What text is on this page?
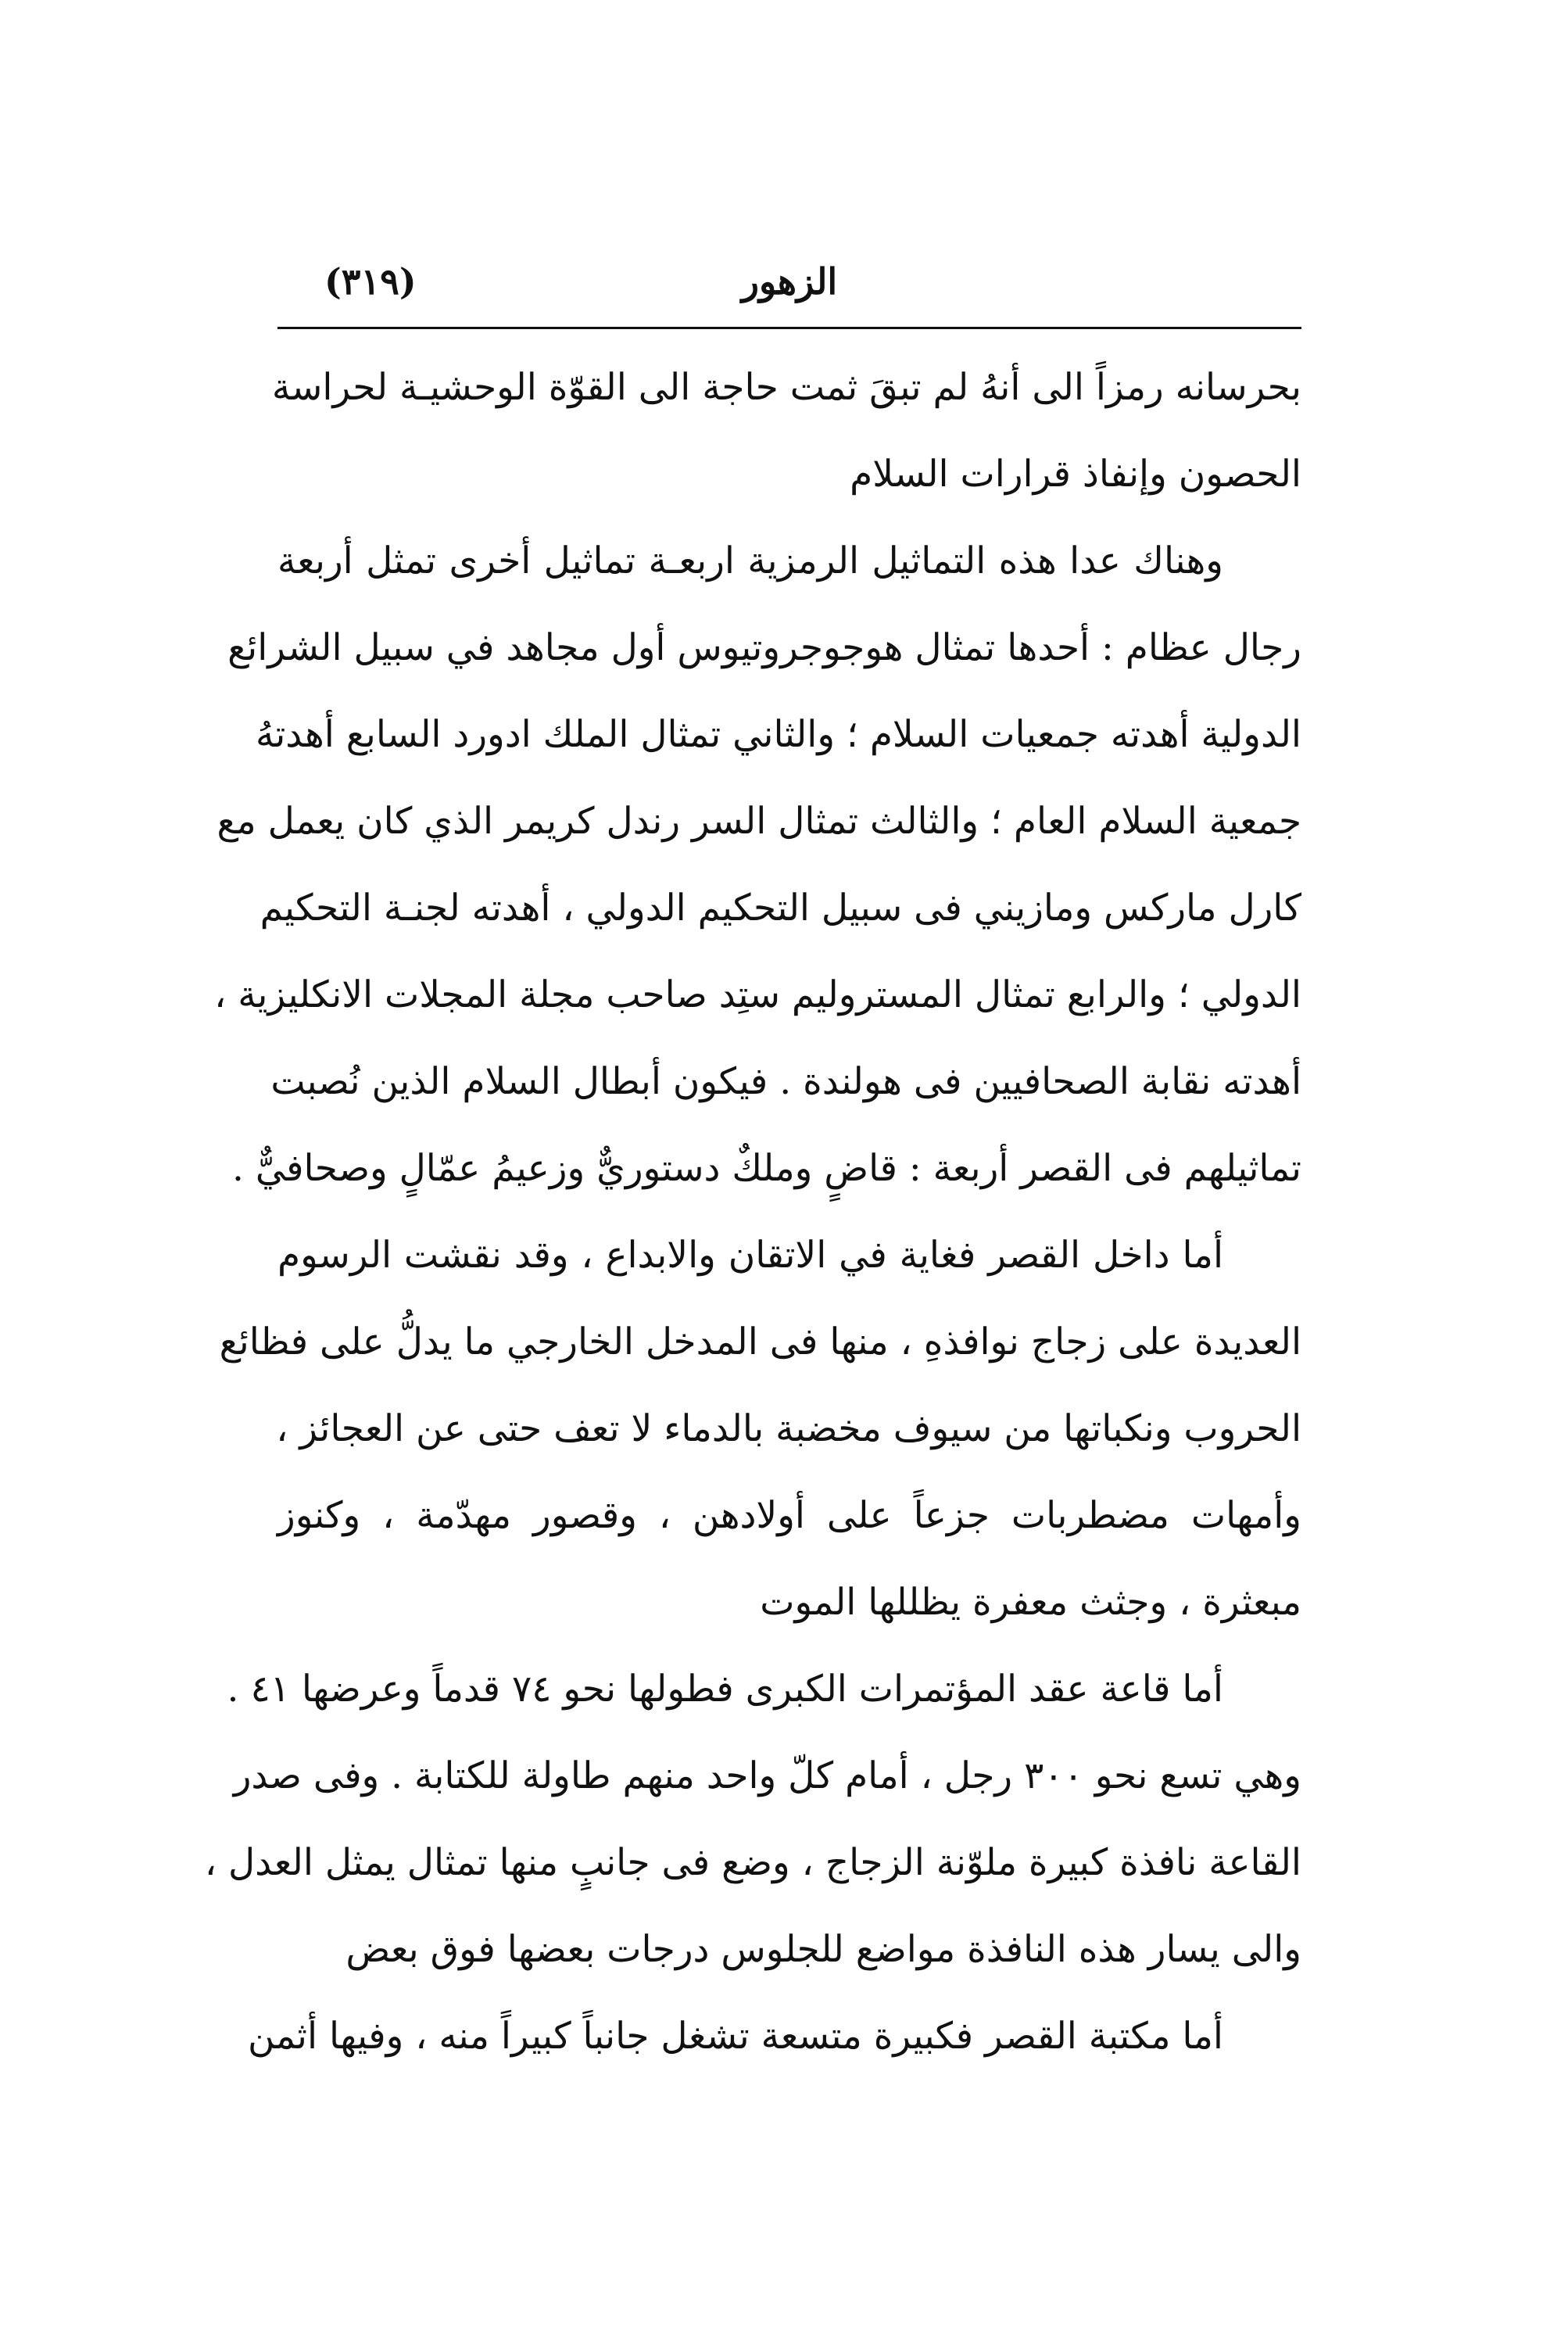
الزهور
(٣١٩)
بحرسانه رمزاً الى أنهُ لم تبقَ ثمت حاجة الى القوّة الوحشيـة لحراسة
الحصون وإنفاذ قرارات السلام
وهناك عدا هذه التماثيل الرمزية اربعـة تماثيل أخرى تمثل أربعة
رجال عظام : أحدها تمثال هوجوجروتيوس أول مجاهد في سبيل الشرائع
الدولية أهدته جمعيات السلام ؛ والثاني تمثال الملك ادورد السابع أهدتهُ
جمعية السلام العام ؛ والثالث تمثال السر رندل كريمر الذي كان يعمل مع
كارل ماركس ومازيني فى سبيل التحكيم الدولي ، أهدته لجنـة التحكيم
الدولي ؛ والرابع تمثال المستروليم ستِد صاحب مجلة المجلات الانكليزية ،
أهدته نقابة الصحافيين فى هولندة . فيكون أبطال السلام الذين نُصبت
تماثيلهم فى القصر أربعة : قاضٍ وملكٌ دستوريٌّ وزعيمُ عمّالٍ وصحافيٌّ .
أما داخل القصر فغاية في الاتقان والابداع ، وقد نقشت الرسوم
العديدة على زجاج نوافذهِ ، منها فى المدخل الخارجي ما يدلُّ على فظائع
الحروب ونكباتها من سيوف مخضبة بالدماء لا تعف حتى عن العجائز ،
وأمهات مضطربات جزعاً على أولادهن ، وقصور مهدّمة ، وكنوز
مبعثرة ، وجثث معفرة يظللها الموت
أما قاعة عقد المؤتمرات الكبرى فطولها نحو ٧٤ قدماً وعرضها ٤١ .
وهي تسع نحو ٣٠٠ رجل ، أمام كلّ واحد منهم طاولة للكتابة . وفى صدر
القاعة نافذة كبيرة ملوّنة الزجاج ، وضع فى جانبٍ منها تمثال يمثل العدل ،
والى يسار هذه النافذة مواضع للجلوس درجات بعضها فوق بعض
أما مكتبة القصر فكبيرة متسعة تشغل جانباً كبيراً منه ، وفيها أثمن
